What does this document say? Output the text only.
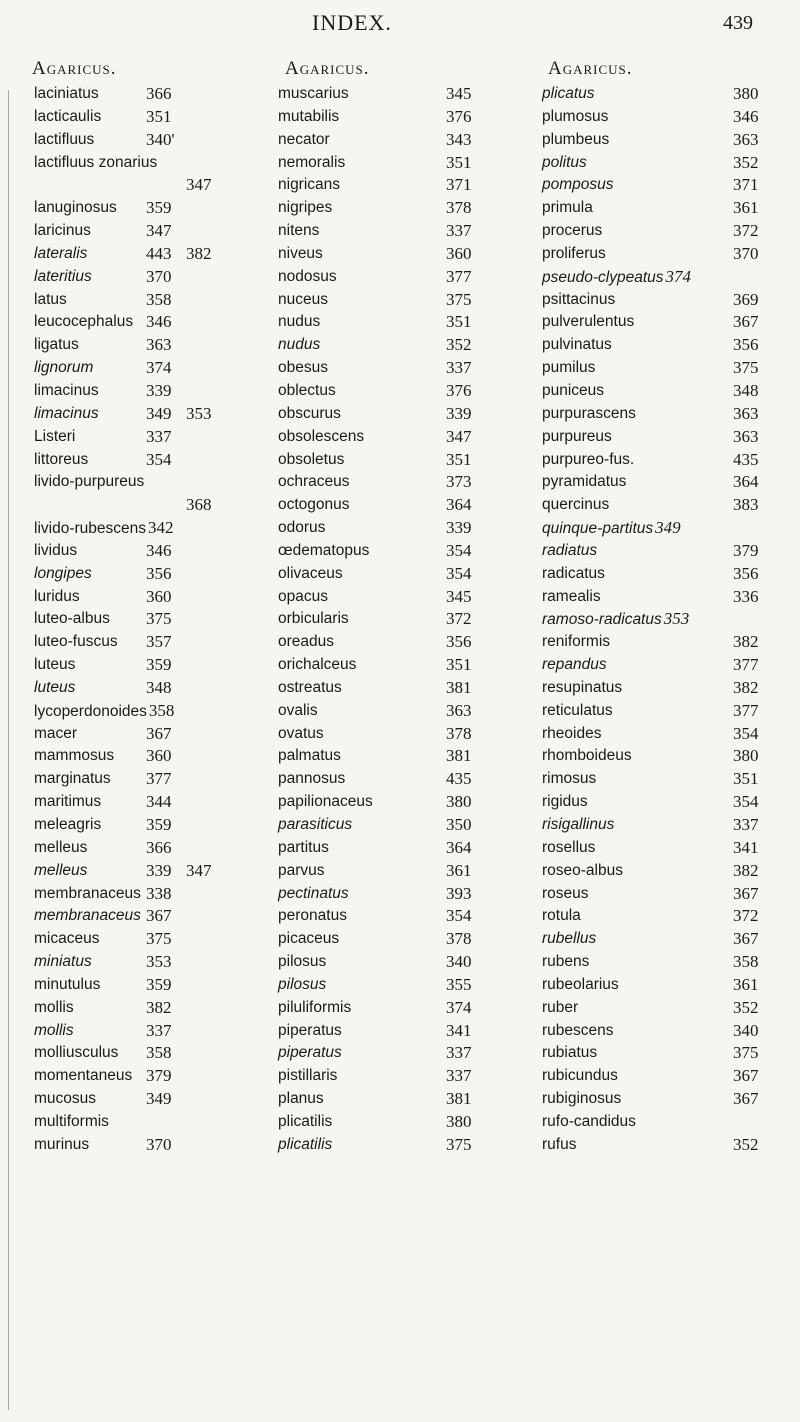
INDEX.	439
Agaricus.	Agaricus.	Agaricus.
laciniatus	366
lacticaulis	351
lactifluus	340'
lactifluus zonarius
347
lanuginosus 359
laricinus	347
lateralis	443 382
lateritius	370
latus	358
leucocephalus 346
ligatus	363
lignorum	374
limacinus	339
limacinus	349 353
Listeri	337
littoreus	354
livido-purpureus
368
livido-rubescens 342
lividus	346
longipes	356
luridus	360
luteo-albus 375
luteo-fuscus 357
luteus	359
luteus	348
lycoperdonoides 358
macer	367
mammosus 360
marginatus 377
maritimus	344
meleagris	359
melleus	366
melleus	339 347
membranaceus 338
membranaceus 367
micaceus	375
miniatus	353
minutulus	359
mollis	382
mollis	337
molliusculus 358
momentaneus 379
mucosus	349
multiformis
murinus	370
muscarius	345
mutabilis	376
necator	343
nemoralis	351
nigricans	371
nigripes	378
nitens	337
niveus	360
nodosus	377
nuceus	375
nudus	351
nudus	352
obesus	337
oblectus	376
obscurus	339
obsolescens	347
obsoletus	351
ochraceus	373
octogonus	364
odorus	339
œdematopus	354
olivaceus	354
opacus	345
orbicularis	372
oreadus	356
orichalceus	351
ostreatus	381
ovalis	363
ovatus	378
palmatus	381
pannosus	435
papilionaceus	380
parasiticus	350
partitus	364
parvus	361
pectinatus	393
peronatus	354
picaceus	378
pilosus	340
pilosus	355
piluliformis	374
piperatus	341
piperatus	337
pistillaris	337
planus	381
plicatilis	380
plicatilis	375
plicatus	380
plumosus	346
plumbeus	363
politus	352
pomposus	371
primula	361
procerus	372
proliferus	370
pseudo-clypeatus 374
psittacinus	369
pulverulentus	367
pulvinatus	356
pumilus	375
puniceus	348
purpurascens	363
purpureus	363
purpureo-fus.	435
pyramidatus	364
quercinus	383
quinque-partitus 349
radiatus	379
radicatus	356
ramealis	336
ramoso-radicatus 353
reniformis	382
repandus	377
resupinatus	382
reticulatus	377
rheoides	354
rhomboideus	380
rimosus	351
rigidus	354
risigallinus	337
rosellus	341
roseo-albus	382
roseus	367
rotula	372
rubellus	367
rubens	358
rubeolarius	361
ruber	352
rubescens	340
rubiatus	375
rubicundus	367
rubiginosus	367
rufo-candidus
rufus	352
